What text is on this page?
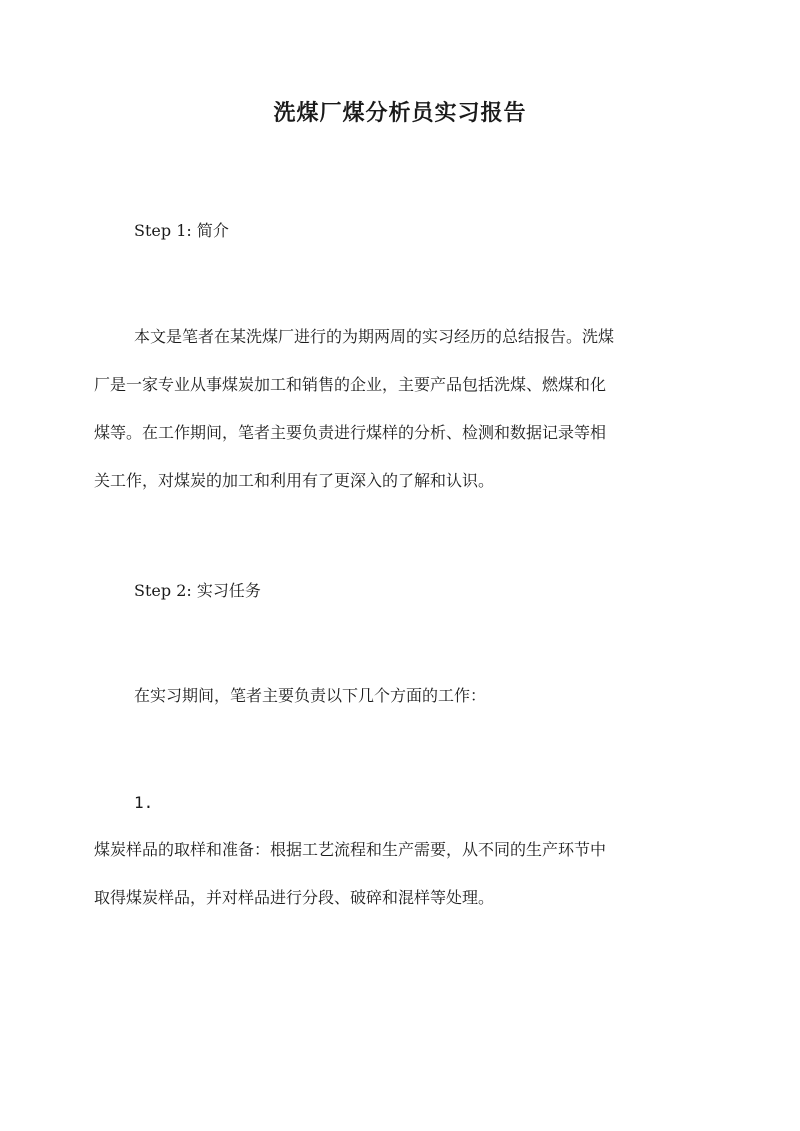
洗煤厂煤分析员实习报告

Step 1: 简介

本文是笔者在某洗煤厂进行的为期两周的实习经历的总结报告。洗煤
厂是一家专业从事煤炭加工和销售的企业，主要产品包括洗煤、燃煤和化
煤等。在工作期间，笔者主要负责进行煤样的分析、检测和数据记录等相
关工作，对煤炭的加工和利用有了更深入的了解和认识。

Step 2: 实习任务

在实习期间，笔者主要负责以下几个方面的工作：

1.

煤炭样品的取样和准备：根据工艺流程和生产需要，从不同的生产环节中
取得煤炭样品，并对样品进行分段、破碎和混样等处理。
